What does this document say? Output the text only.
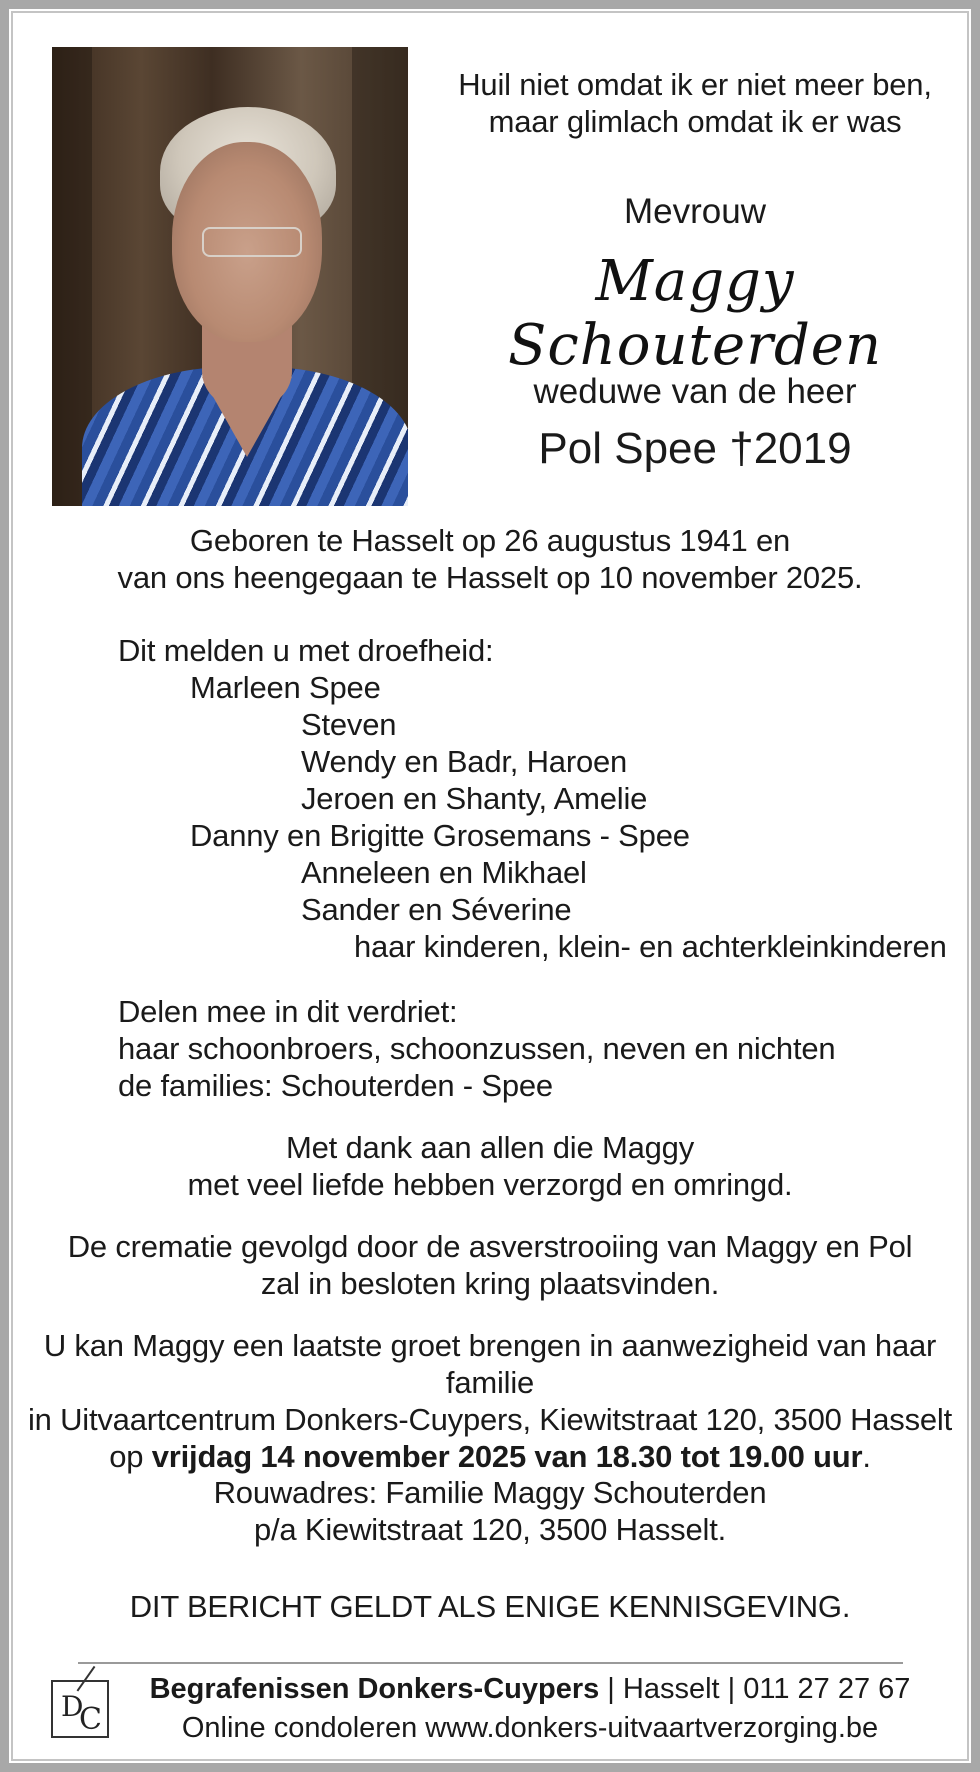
Huil niet omdat ik er niet meer ben,
maar glimlach omdat ik er was
Mevrouw
Maggy Schouterden
weduwe van de heer
Pol Spee †2019
Geboren te Hasselt op 26 augustus 1941 en
van ons heengegaan te Hasselt op 10 november 2025.
Dit melden u met droefheid:
Marleen Spee
Steven
Wendy en Badr, Haroen
Jeroen en Shanty, Amelie
Danny en Brigitte Grosemans - Spee
Anneleen en Mikhael
Sander en Séverine
haar kinderen, klein- en achterkleinkinderen
Delen mee in dit verdriet:
haar schoonbroers, schoonzussen, neven en nichten
de families: Schouterden - Spee
Met dank aan allen die Maggy
met veel liefde hebben verzorgd en omringd.
De crematie gevolgd door de asverstrooiing van Maggy en Pol
zal in besloten kring plaatsvinden.
U kan Maggy een laatste groet brengen in aanwezigheid van haar familie
in Uitvaartcentrum Donkers-Cuypers, Kiewitstraat 120, 3500 Hasselt
op vrijdag 14 november 2025 van 18.30 tot 19.00 uur.
Rouwadres: Familie Maggy Schouterden
p/a Kiewitstraat 120, 3500 Hasselt.
DIT BERICHT GELDT ALS ENIGE KENNISGEVING.
D
C
Begrafenissen Donkers-Cuypers | Hasselt | 011 27 27 67
Online condoleren www.donkers-uitvaartverzorging.be
